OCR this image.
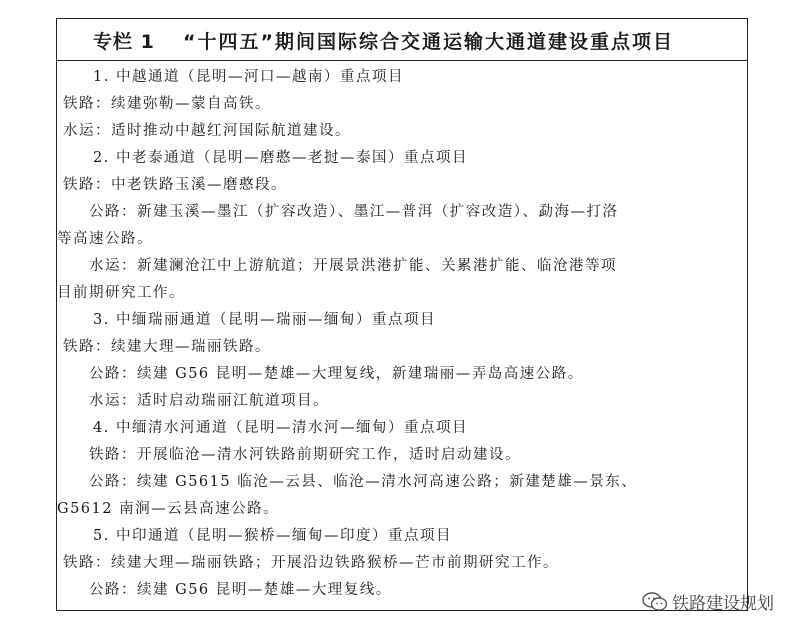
专栏 1 “十四五”期间国际综合交通运输大通道建设重点项目
1. 中越通道（昆明—河口—越南）重点项目
铁路：续建弥勒—蒙自高铁。
水运：适时推动中越红河国际航道建设。
2. 中老泰通道（昆明—磨憨—老挝—泰国）重点项目
铁路：中老铁路玉溪—磨憨段。
公路：新建玉溪—墨江（扩容改造）、墨江—普洱（扩容改造）、勐海—打洛
等高速公路。
水运：新建澜沧江中上游航道；开展景洪港扩能、关累港扩能、临沧港等项
目前期研究工作。
3. 中缅瑞丽通道（昆明—瑞丽—缅甸）重点项目
铁路：续建大理—瑞丽铁路。
公路：续建 G56 昆明—楚雄—大理复线，新建瑞丽—弄岛高速公路。
水运：适时启动瑞丽江航道项目。
4. 中缅清水河通道（昆明—清水河—缅甸）重点项目
铁路：开展临沧—清水河铁路前期研究工作，适时启动建设。
公路：续建 G5615 临沧—云县、临沧—清水河高速公路；新建楚雄—景东、
G5612 南涧—云县高速公路。
5. 中印通道（昆明—猴桥—缅甸—印度）重点项目
铁路：续建大理—瑞丽铁路；开展沿边铁路猴桥—芒市前期研究工作。
公路：续建 G56 昆明—楚雄—大理复线。
铁路建设规划
